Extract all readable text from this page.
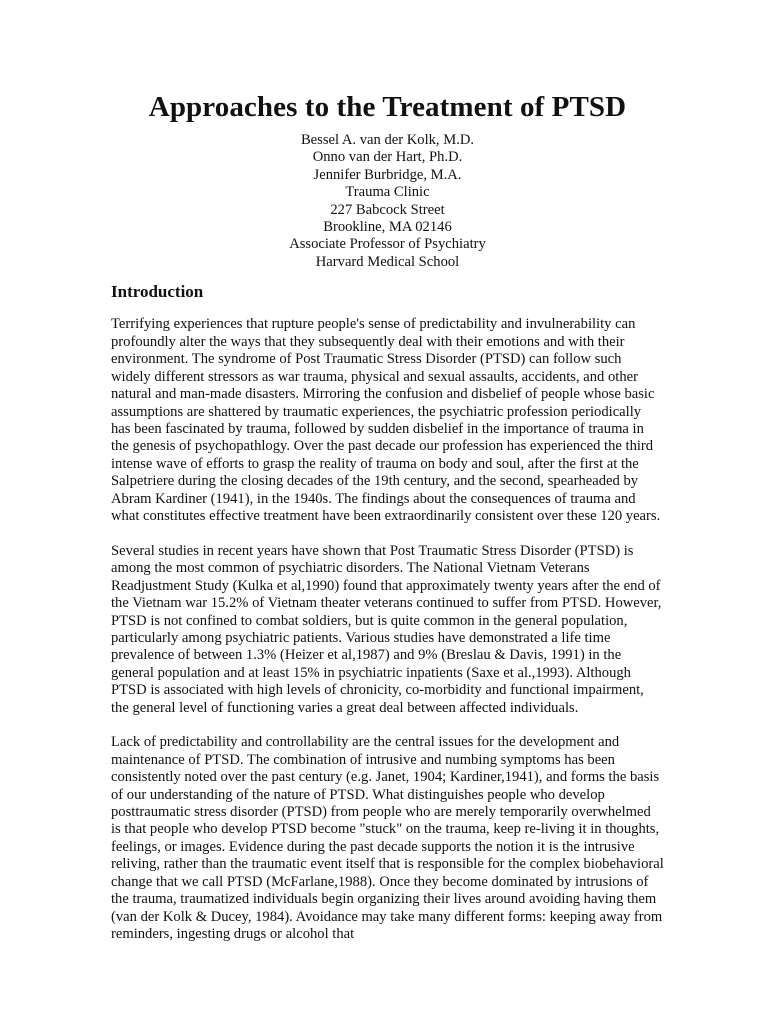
Approaches to the Treatment of PTSD
Bessel A. van der Kolk, M.D.
Onno van der Hart, Ph.D.
Jennifer Burbridge, M.A.
Trauma Clinic
227 Babcock Street
Brookline, MA 02146
Associate Professor of Psychiatry
Harvard Medical School
Introduction

Terrifying experiences that rupture people's sense of predictability and invulnerability can profoundly alter the ways that they subsequently deal with their emotions and with their environment. The syndrome of Post Traumatic Stress Disorder (PTSD) can follow such widely different stressors as war trauma, physical and sexual assaults, accidents, and other natural and man-made disasters. Mirroring the confusion and disbelief of people whose basic assumptions are shattered by traumatic experiences, the psychiatric profession periodically has been fascinated by trauma, followed by sudden disbelief in the importance of trauma in the genesis of psychopathlogy. Over the past decade our profession has experienced the third intense wave of efforts to grasp the reality of trauma on body and soul, after the first at the Salpetriere during the closing decades of the 19th century, and the second, spearheaded by Abram Kardiner (1941), in the 1940s. The findings about the consequences of trauma and what constitutes effective treatment have been extraordinarily consistent over these 120 years.

Several studies in recent years have shown that Post Traumatic Stress Disorder (PTSD) is among the most common of psychiatric disorders. The National Vietnam Veterans Readjustment Study (Kulka et al,1990) found that approximately twenty years after the end of the Vietnam war 15.2% of Vietnam theater veterans continued to suffer from PTSD. However, PTSD is not confined to combat soldiers, but is quite common in the general population, particularly among psychiatric patients. Various studies have demonstrated a life time prevalence of between 1.3% (Heizer et al,1987) and 9% (Breslau & Davis, 1991) in the general population and at least 15% in psychiatric inpatients (Saxe et al.,1993). Although PTSD is associated with high levels of chronicity, co-morbidity and functional impairment, the general level of functioning varies a great deal between affected individuals.

Lack of predictability and controllability are the central issues for the development and maintenance of PTSD. The combination of intrusive and numbing symptoms has been consistently noted over the past century (e.g. Janet, 1904; Kardiner,1941), and forms the basis of our understanding of the nature of PTSD. What distinguishes people who develop posttraumatic stress disorder (PTSD) from people who are merely temporarily overwhelmed is that people who develop PTSD become "stuck" on the trauma, keep re-living it in thoughts, feelings, or images. Evidence during the past decade supports the notion it is the intrusive reliving, rather than the traumatic event itself that is responsible for the complex biobehavioral change that we call PTSD (McFarlane,1988). Once they become dominated by intrusions of the trauma, traumatized individuals begin organizing their lives around avoiding having them (van der Kolk & Ducey, 1984). Avoidance may take many different forms: keeping away from reminders, ingesting drugs or alcohol that
